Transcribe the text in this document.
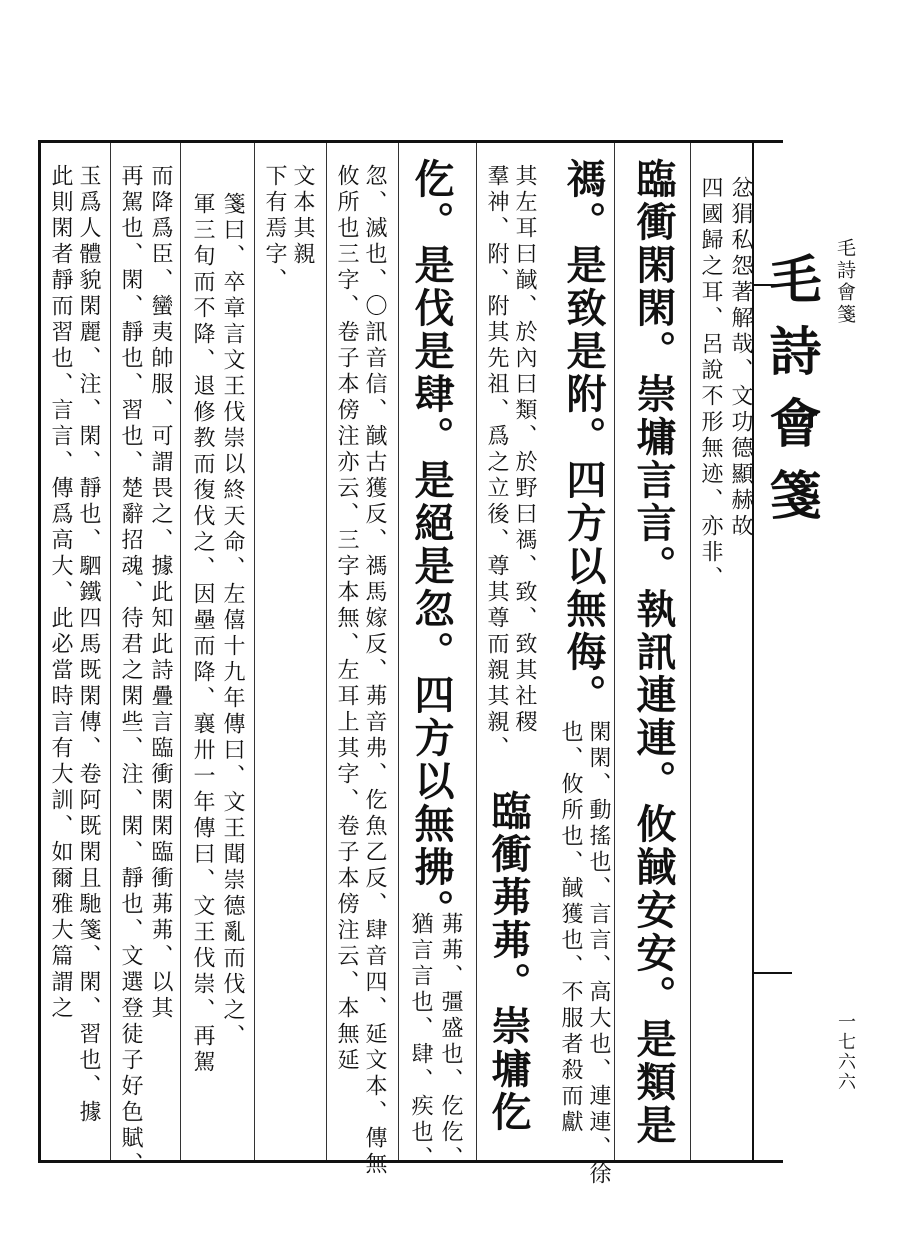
毛詩會箋
一七六六
毛詩會箋
忿狷私怨著解哉、文功德顯赫故
四國歸之耳、呂說不形無迹、亦非、
臨衝閑閑。崇墉言言。執訊連連。攸馘安安。是類是
禡。是致是附。四方以無侮。
閑閑、動搖也、言言、高大也、連連、徐
也、攸所也、馘獲也、不服者殺而獻
其左耳曰馘、於內曰類、於野曰禡、致、致其社稷
羣神、附、附其先祖、爲之立後、尊其尊而親其親、
臨衝茀茀。崇墉仡
仡。是伐是肆。是絕是忽。四方以無拂。
茀茀、彊盛也、仡仡、
猶言言也、肆、疾也、
忽、滅也、〇訊音信、馘古獲反、禡馬嫁反、茀音弗、仡魚乙反、肆音四、延文本、傳無
攸所也三字、卷子本傍注亦云、三字本無、左耳上其字、卷子本傍注云、本無延
文本其親
下有焉字、
箋曰、卒章言文王伐崇以終天命、左僖十九年傳曰、文王聞崇德亂而伐之、
軍三旬而不降、退修教而復伐之、因壘而降、襄卅一年傳曰、文王伐崇、再駕
而降爲臣、蠻夷帥服、可謂畏之、據此知此詩疊言臨衝閑閑臨衝茀茀、以其
再駕也、閑、靜也、習也、楚辭招魂、待君之閑些、注、閑、靜也、文選登徒子好色賦、
玉爲人體貌閑麗、注、閑、靜也、駟鐵四馬既閑傳、卷阿既閑且馳箋、閑、習也、據
此則閑者靜而習也、言言、傳爲高大、此必當時言有大訓、如爾雅大篇謂之
